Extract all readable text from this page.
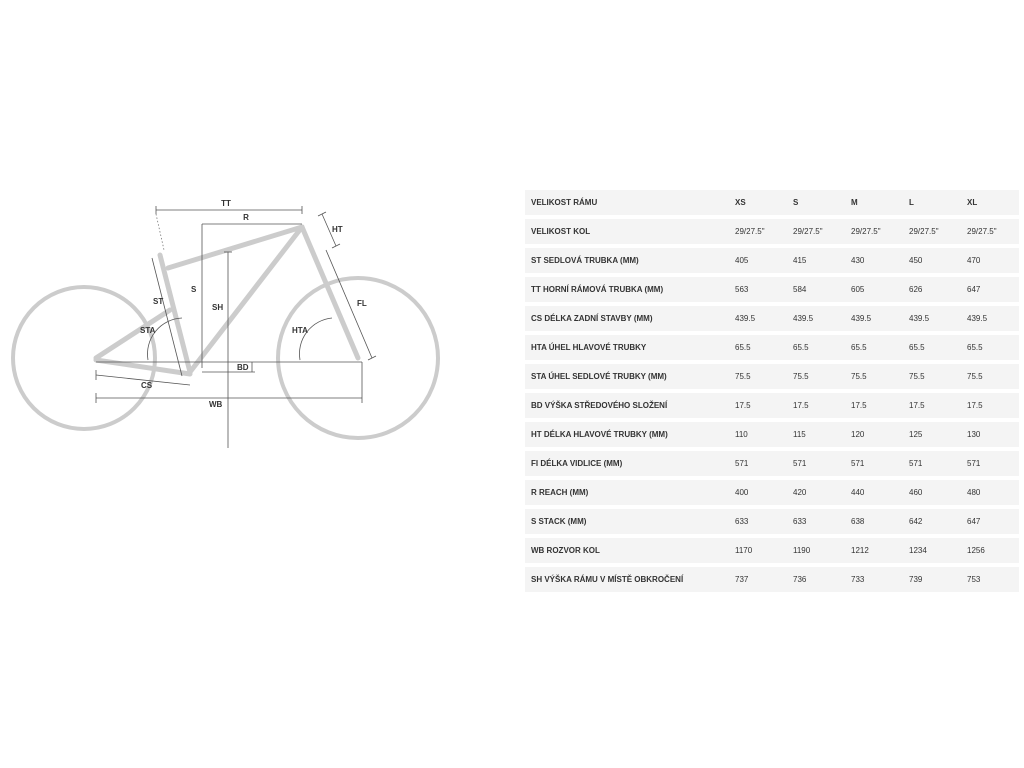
TT
R
HT
ST
S
SH	FL
STA	HTA
BD
CS
WB
VELIKOST RÁMU	XS	S	M	L	XL
VELIKOST KOL	29/27.5"	29/27.5"	29/27.5"	29/27.5"	29/27.5"
ST SEDLOVÁ TRUBKA (MM)	405	415	430	450	470
TT HORNÍ RÁMOVÁ TRUBKA (MM)	563	584	605	626	647
CS DÉLKA ZADNÍ STAVBY (MM)	439.5	439.5	439.5	439.5	439.5
HTA ÚHEL HLAVOVÉ TRUBKY	65.5	65.5	65.5	65.5	65.5
STA ÚHEL SEDLOVÉ TRUBKY (MM)	75.5	75.5	75.5	75.5	75.5
BD VÝŠKA STŘEDOVÉHO SLOŽENÍ	17.5	17.5	17.5	17.5	17.5
HT DÉLKA HLAVOVÉ TRUBKY (MM)	110	115	120	125	130
FI DÉLKA VIDLICE (MM)	571	571	571	571	571
R REACH (MM)	400	420	440	460	480
S STACK (MM)	633	633	638	642	647
WB ROZVOR KOL	1170	1190	1212	1234	1256
SH VÝŠKA RÁMU V MÍSTĚ OBKROČENÍ	737	736	733	739	753
